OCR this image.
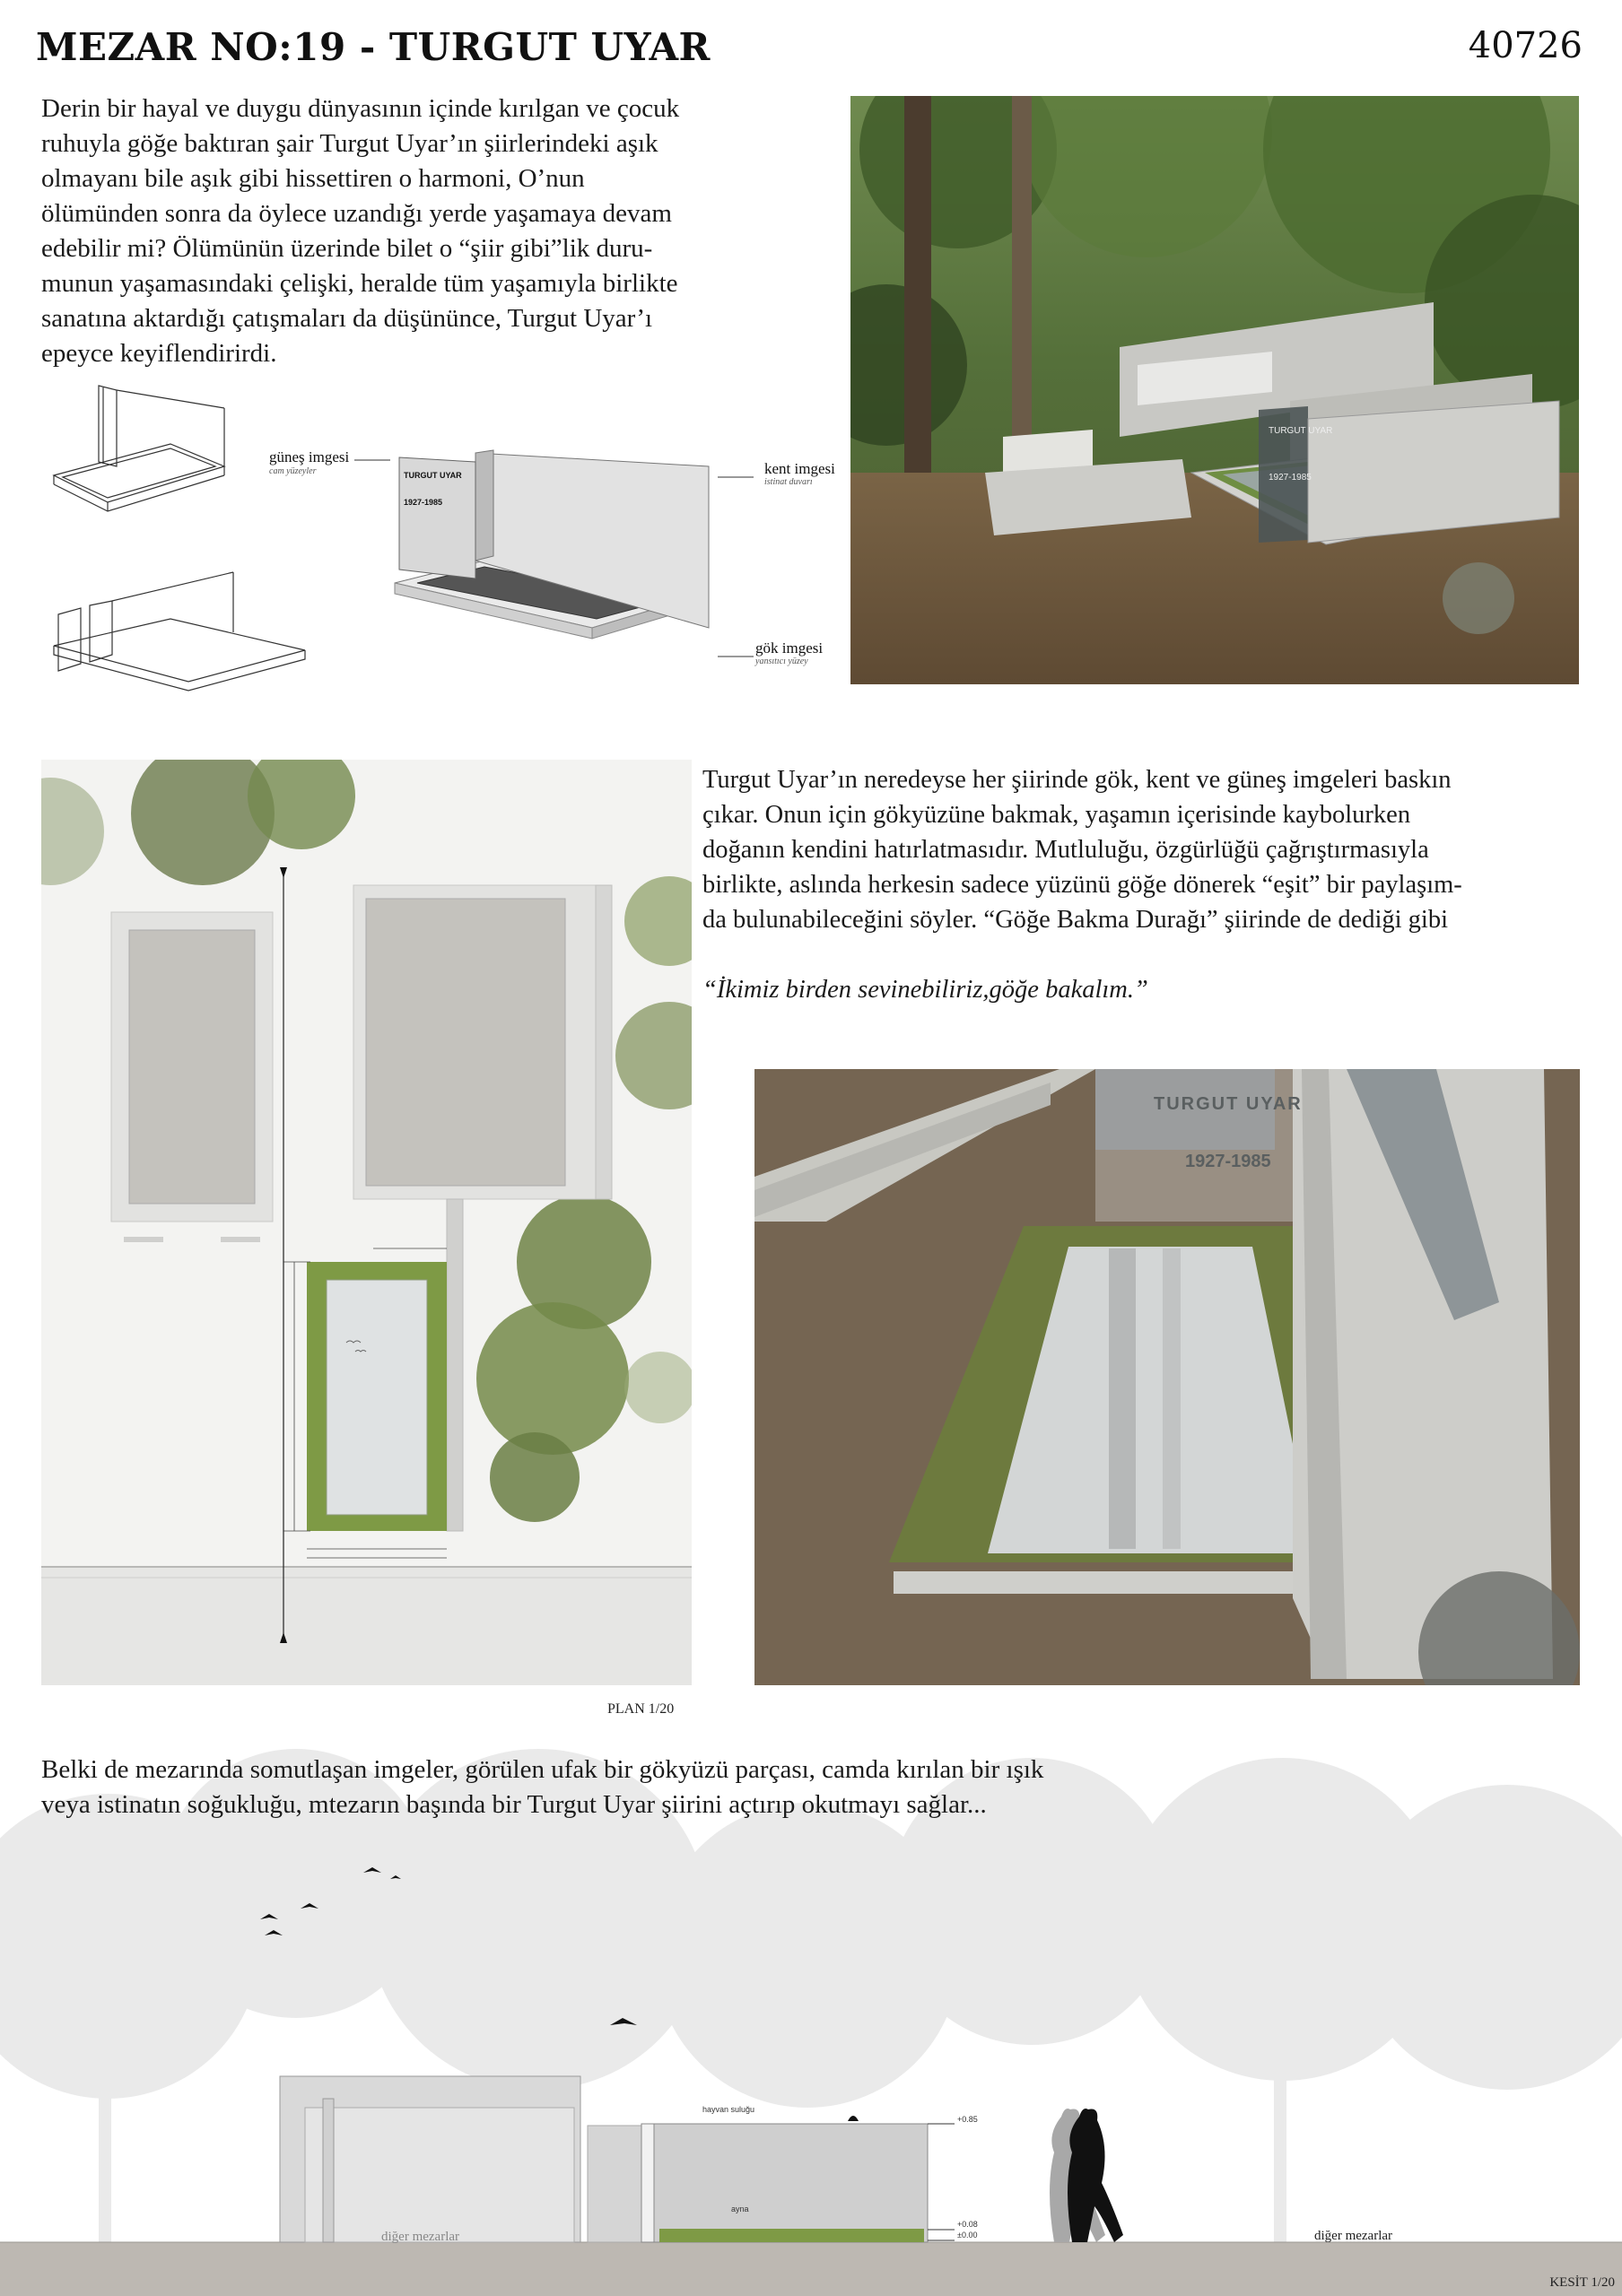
MEZAR NO:19 - TURGUT UYAR	40726
Derin bir hayal ve duygu dünyasının içinde kırılgan ve çocuk
ruhuyla göğe baktıran şair Turgut Uyar’ın şiirlerindeki aşık
olmayanı bile aşık gibi hissettiren o harmoni, O’nun
ölümünden sonra da öylece uzandığı yerde yaşamaya devam
edebilir mi? Ölümünün üzerinde bilet o “şiir gibi”lik duru-
munun yaşamasındaki çelişki, heralde tüm yaşamıyla birlikte
sanatına aktardığı çatışmaları da düşününce, Turgut Uyar’ı
epeyce keyiflendirirdi.
TURGUT UYAR
1927-1985
güneş imgesi
cam yüzeyler	kent imgesi
istinat duvarı
gök imgesi
yansıtıcı yüzey
TURGUT UYAR
1927-1985
PLAN 1/20
Turgut Uyar’ın neredeyse her şiirinde gök, kent ve güneş imgeleri baskın
çıkar. Onun için gökyüzüne bakmak, yaşamın içerisinde kaybolurken
doğanın kendini hatırlatmasıdır. Mutluluğu, özgürlüğü çağrıştırmasıyla
birlikte, aslında herkesin sadece yüzünü göğe dönerek “eşit” bir paylaşım-
da bulunabileceğini söyler. “Göğe Bakma Durağı” şiirinde de dediği gibi
“İkimiz birden sevinebiliriz,göğe bakalım.”
TURGUT UYAR
1927-1985
Belki de mezarında somutlaşan imgeler, görülen ufak bir gökyüzü parçası, camda kırılan bir ışık
veya istinatın soğukluğu, mtezarın başında bir Turgut Uyar şiirini açtırıp okutmayı sağlar...
hayvan suluğu
ayna
+0.85
+0.08
±0.00
diğer mezarlar	diğer mezarlar
KESİT 1/20
